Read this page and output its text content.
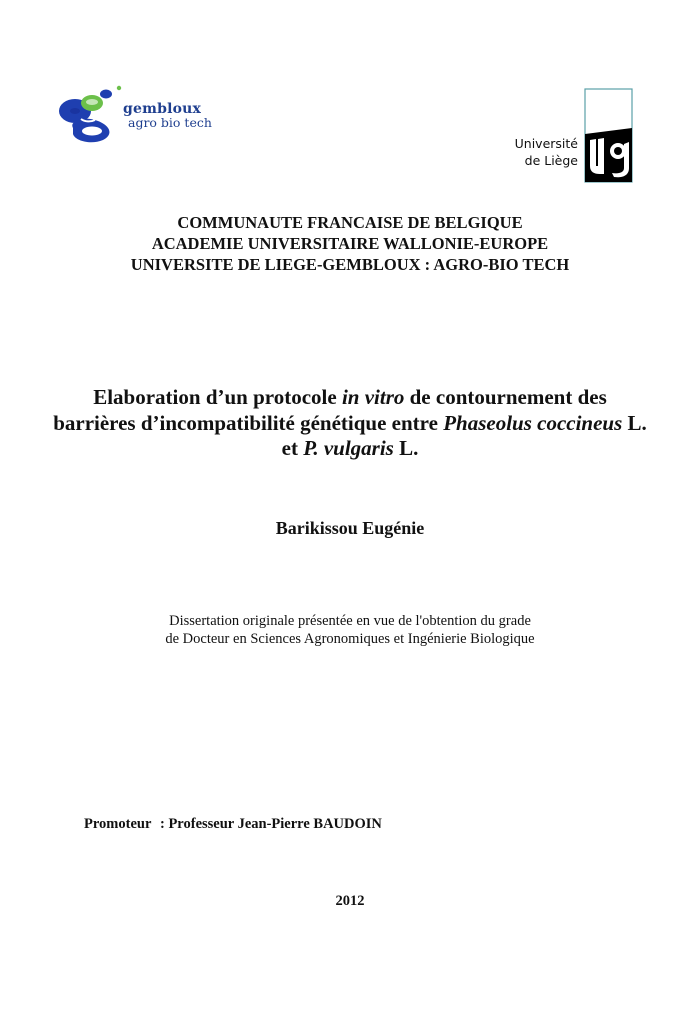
gembloux
agro bio tech
Université
de Liège
COMMUNAUTE FRANCAISE DE BELGIQUE
ACADEMIE UNIVERSITAIRE WALLONIE-EUROPE
UNIVERSITE DE LIEGE-GEMBLOUX : AGRO-BIO TECH
Elaboration d’un protocole in vitro de contournement des
barrières d’incompatibilité génétique entre Phaseolus coccineus L.
et P. vulgaris L.
Barikissou Eugénie
Dissertation originale présentée en vue de l'obtention du grade
de Docteur en Sciences Agronomiques et Ingénierie Biologique
Promoteur : Professeur Jean-Pierre BAUDOIN
2012
